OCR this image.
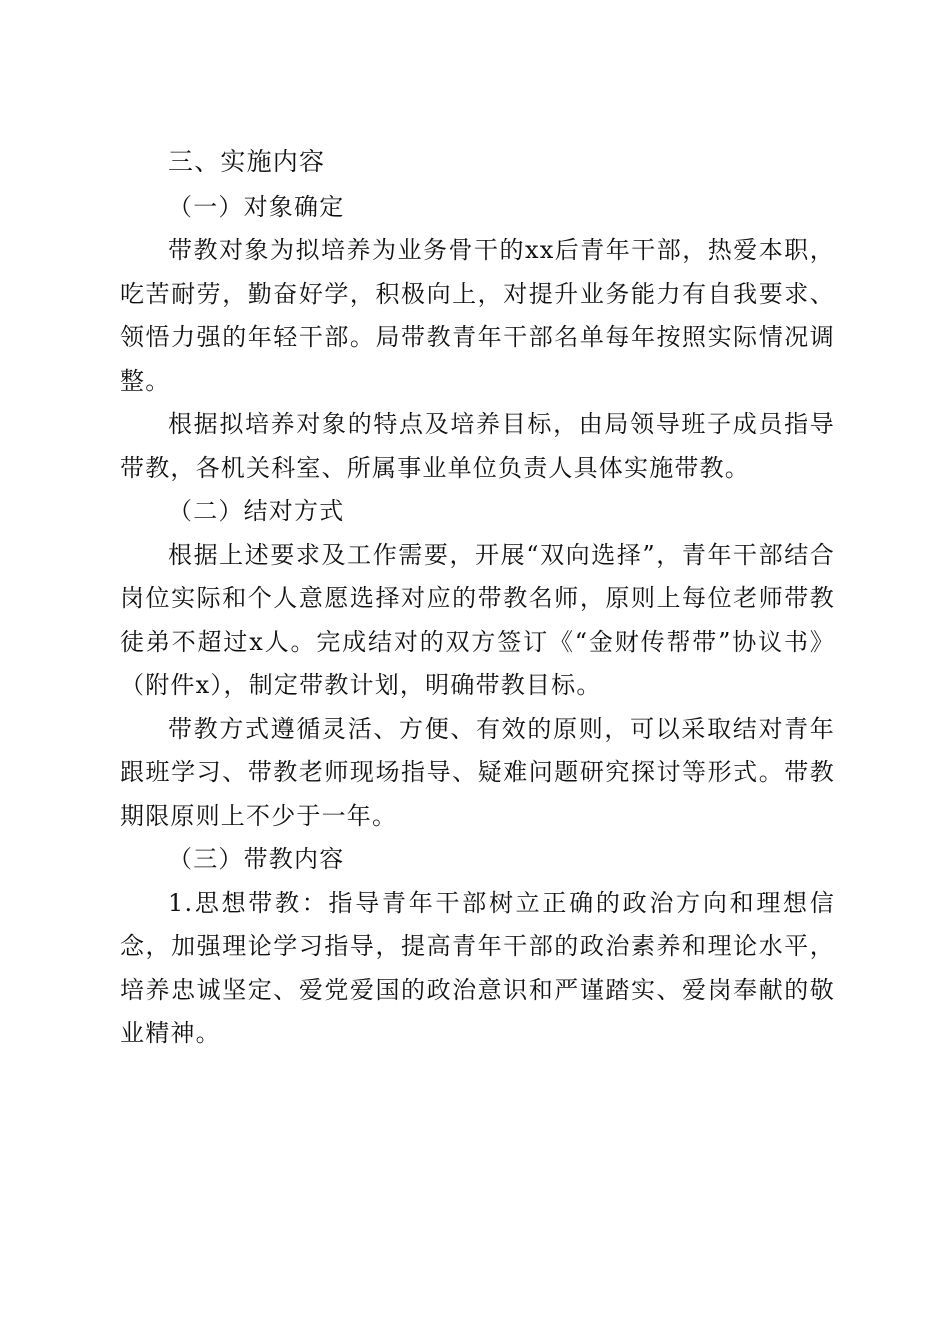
三、实施内容

（一）对象确定

带教对象为拟培养为业务骨干的xx后青年干部，热爱本职，吃苦耐劳，勤奋好学，积极向上，对提升业务能力有自我要求、领悟力强的年轻干部。局带教青年干部名单每年按照实际情况调整。

根据拟培养对象的特点及培养目标，由局领导班子成员指导带教，各机关科室、所属事业单位负责人具体实施带教。

（二）结对方式

根据上述要求及工作需要，开展“双向选择”，青年干部结合岗位实际和个人意愿选择对应的带教名师，原则上每位老师带教徒弟不超过x人。完成结对的双方签订《“金财传帮带”协议书》（附件x），制定带教计划，明确带教目标。

带教方式遵循灵活、方便、有效的原则，可以采取结对青年跟班学习、带教老师现场指导、疑难问题研究探讨等形式。带教期限原则上不少于一年。

（三）带教内容

1.思想带教：指导青年干部树立正确的政治方向和理想信念，加强理论学习指导，提高青年干部的政治素养和理论水平，培养忠诚坚定、爱党爱国的政治意识和严谨踏实、爱岗奉献的敬业精神。
